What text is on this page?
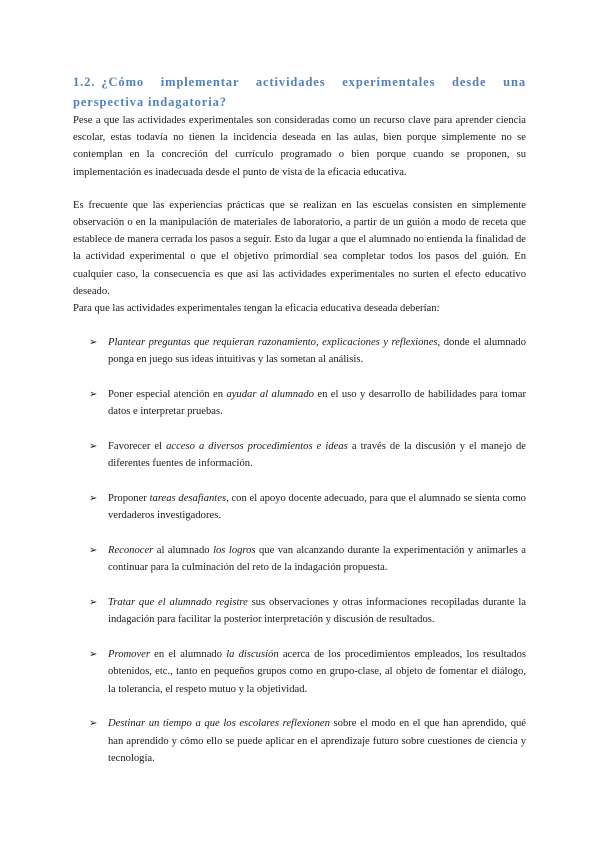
1.2. ¿Cómo implementar actividades experimentales desde una perspectiva indagatoria?

Pese a que las actividades experimentales son consideradas como un recurso clave para aprender ciencia escolar, estas todavía no tienen la incidencia deseada en las aulas, bien porque simplemente no se contemplan en la concreción del currículo programado o bien porque cuando se proponen, su implementación es inadecuada desde el punto de vista de la eficacia educativa.

Es frecuente que las experiencias prácticas que se realizan en las escuelas consisten en simplemente observación o en la manipulación de materiales de laboratorio, a partir de un guión a modo de receta que establece de manera cerrada los pasos a seguir. Esto da lugar a que el alumnado no entienda la finalidad de la actividad experimental o que el objetivo primordial sea completar todos los pasos del guión. En cualquier caso, la consecuencia es que así las actividades experimentales no surten el efecto educativo deseado.

Para que las actividades experimentales tengan la eficacia educativa deseada deberían:

➢ Plantear preguntas que requieran razonamiento, explicaciones y reflexiones, donde el alumnado ponga en juego sus ideas intuitivas y las sometan al análisis.
➢ Poner especial atención en ayudar al alumnado en el uso y desarrollo de habilidades para tomar datos e interpretar pruebas.
➢ Favorecer el acceso a diversos procedimientos e ideas a través de la discusión y el manejo de diferentes fuentes de información.
➢ Proponer tareas desafiantes, con el apoyo docente adecuado, para que el alumnado se sienta como verdaderos investigadores.
➢ Reconocer al alumnado los logros que van alcanzando durante la experimentación y animarles a continuar para la culminación del reto de la indagación propuesta.
➢ Tratar que el alumnado registre sus observaciones y otras informaciones recopiladas durante la indagación para facilitar la posterior interpretación y discusión de resultados.
➢ Promover en el alumnado la discusión acerca de los procedimientos empleados, los resultados obtenidos, etc., tanto en pequeños grupos como en grupo-clase, al objeto de fomentar el diálogo, la tolerancia, el respeto mutuo y la objetividad.
➢ Destinar un tiempo a que los escolares reflexionen sobre el modo en el que han aprendido, qué han aprendido y cómo ello se puede aplicar en el aprendizaje futuro sobre cuestiones de ciencia y tecnología.
